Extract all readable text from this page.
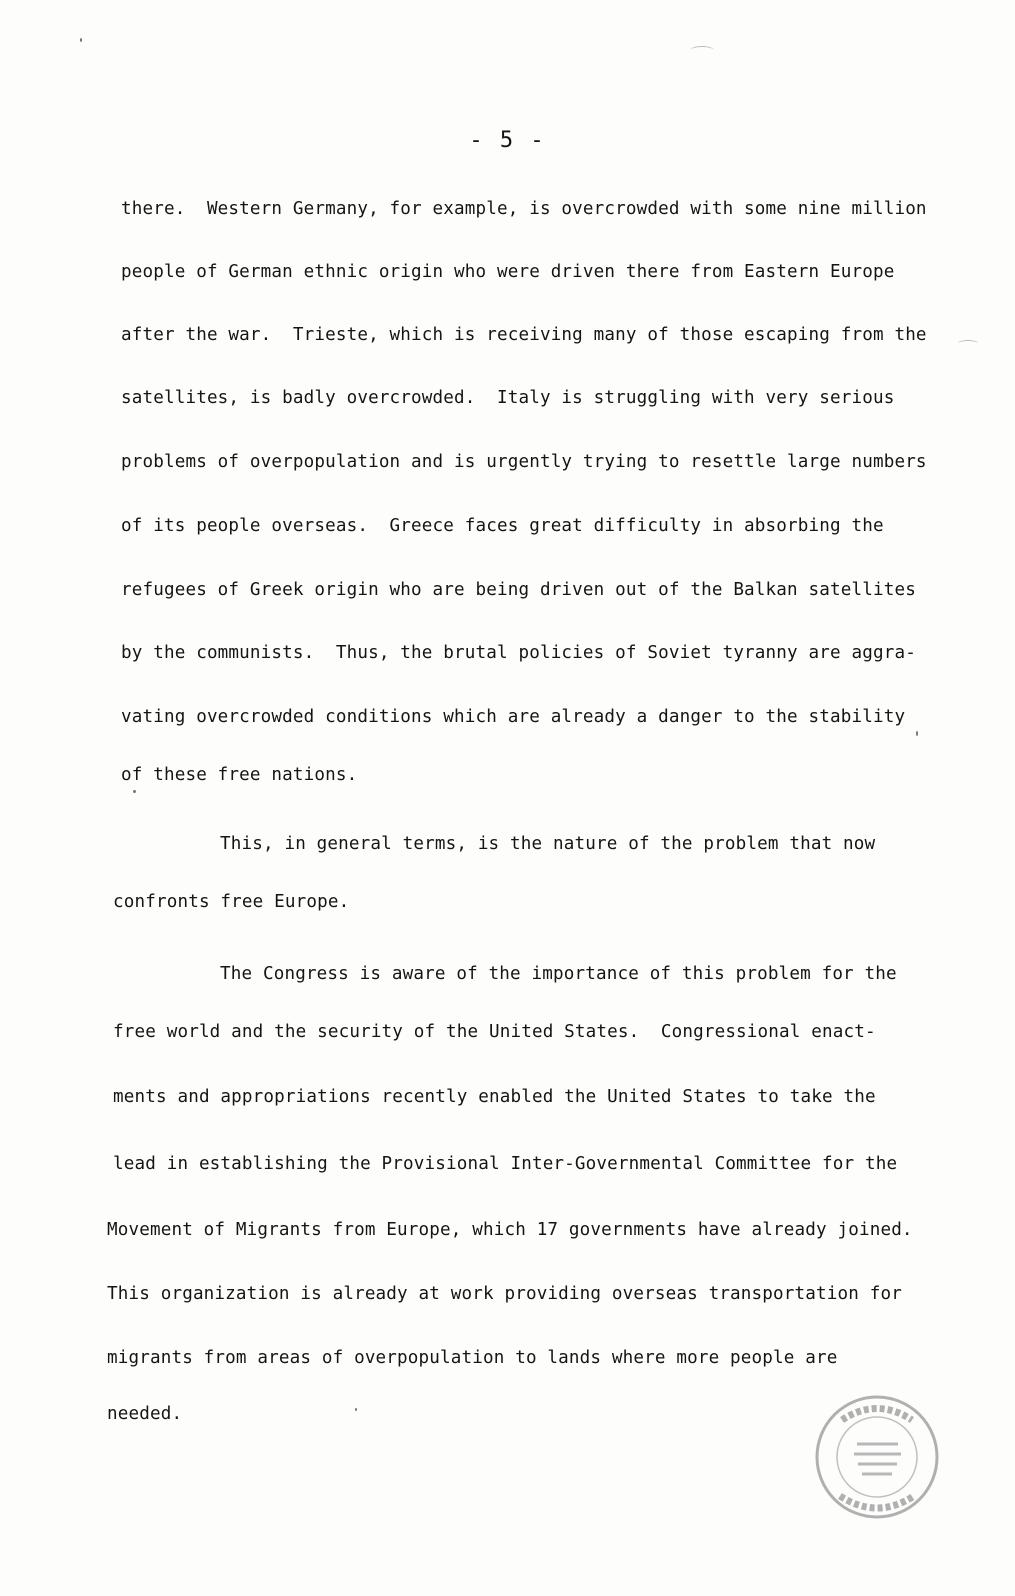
- 5 -
there.  Western Germany, for example, is overcrowded with some nine million
people of German ethnic origin who were driven there from Eastern Europe
after the war.  Trieste, which is receiving many of those escaping from the
satellites, is badly overcrowded.  Italy is struggling with very serious
problems of overpopulation and is urgently trying to resettle large numbers
of its people overseas.  Greece faces great difficulty in absorbing the
refugees of Greek origin who are being driven out of the Balkan satellites
by the communists.  Thus, the brutal policies of Soviet tyranny are aggra-
vating overcrowded conditions which are already a danger to the stability
of these free nations.
This, in general terms, is the nature of the problem that now
confronts free Europe.
The Congress is aware of the importance of this problem for the
free world and the security of the United States.  Congressional enact-
ments and appropriations recently enabled the United States to take the
lead in establishing the Provisional Inter-Governmental Committee for the
Movement of Migrants from Europe, which 17 governments have already joined.
This organization is already at work providing overseas transportation for
migrants from areas of overpopulation to lands where more people are
needed.
